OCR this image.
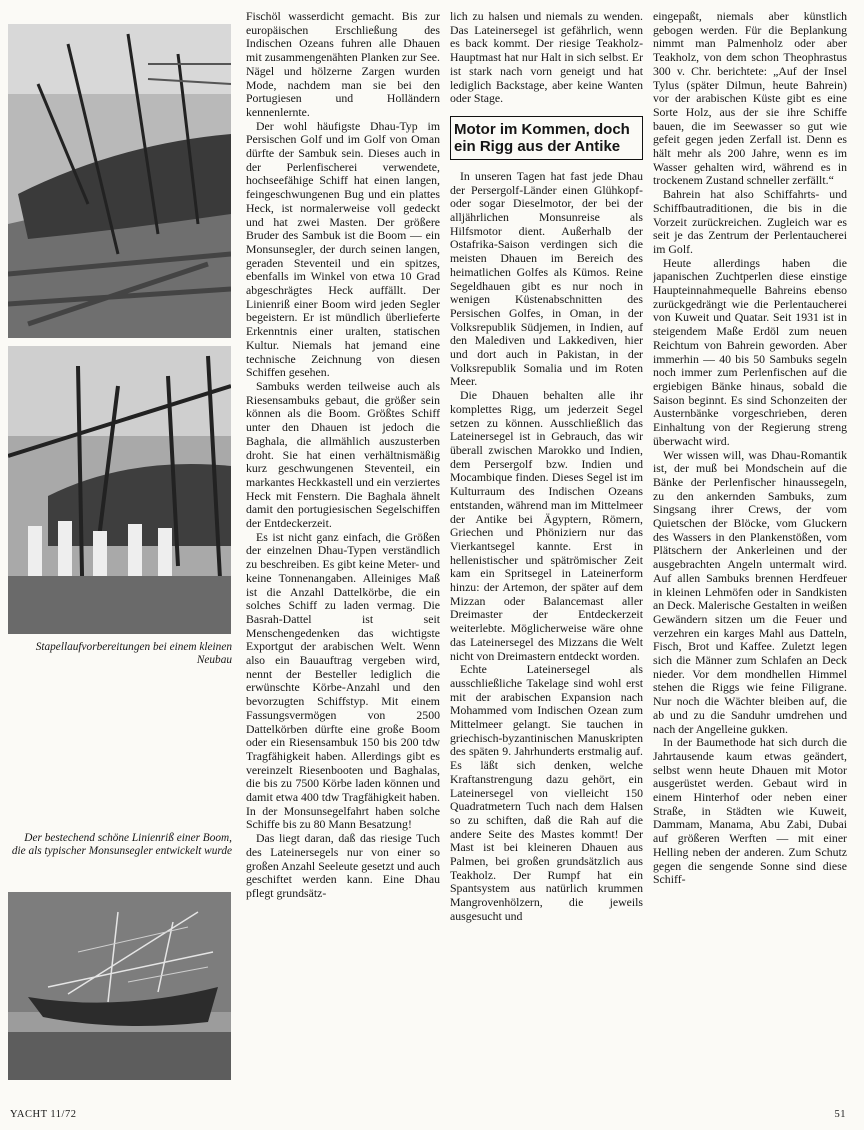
Stapellaufvorbereitungen bei einem kleinen Neubau
Der bestechend schöne Linienriß einer Boom, die als typischer Monsunsegler entwickelt wurde

Fischöl wasserdicht gemacht. Bis zur europäischen Erschließung des Indischen Ozeans fuhren alle Dhauen mit zusammengenähten Planken zur See. Nägel und hölzerne Zargen wurden Mode, nachdem man sie bei den Portugiesen und Holländern kennenlernte.

Der wohl häufigste Dhau-Typ im Persischen Golf und im Golf von Oman dürfte der Sambuk sein. Dieses auch in der Perlenfischerei verwendete, hochseefähige Schiff hat einen langen, feingeschwungenen Bug und ein plattes Heck, ist normalerweise voll gedeckt und hat zwei Masten. Der größere Bruder des Sambuk ist die Boom — ein Monsunsegler, der durch seinen langen, geraden Steventeil und ein spitzes, ebenfalls im Winkel von etwa 10 Grad abgeschrägtes Heck auffällt. Der Linienriß einer Boom wird jeden Segler begeistern. Er ist mündlich überlieferte Erkenntnis einer uralten, statischen Kultur. Niemals hat jemand eine technische Zeichnung von diesen Schiffen gesehen.

Sambuks werden teilweise auch als Riesensambuks gebaut, die größer sein können als die Boom. Größtes Schiff unter den Dhauen ist jedoch die Baghala, die allmählich auszusterben droht. Sie hat einen verhältnismäßig kurz geschwungenen Steventeil, ein markantes Heckkastell und ein verziertes Heck mit Fenstern. Die Baghala ähnelt damit den portugiesischen Segelschiffen der Entdeckerzeit.

Es ist nicht ganz einfach, die Größen der einzelnen Dhau-Typen verständlich zu beschreiben. Es gibt keine Meter- und keine Tonnenangaben. Alleiniges Maß ist die Anzahl Dattelkörbe, die ein solches Schiff zu laden vermag. Die Basrah-Dattel ist seit Menschengedenken das wichtigste Exportgut der arabischen Welt. Wenn also ein Bauauftrag vergeben wird, nennt der Besteller lediglich die erwünschte Körbe-Anzahl und den bevorzugten Schiffstyp. Mit einem Fassungsvermögen von 2500 Dattelkörben dürfte eine große Boom oder ein Riesensambuk 150 bis 200 tdw Tragfähigkeit haben. Allerdings gibt es vereinzelt Riesenbooten und Baghalas, die bis zu 7500 Körbe laden können und damit etwa 400 tdw Tragfähigkeit haben. In der Monsunsegelfahrt haben solche Schiffe bis zu 80 Mann Besatzung!

Das liegt daran, daß das riesige Tuch des Lateinersegels nur von einer so großen Anzahl Seeleute gesetzt und auch geschiftet werden kann. Eine Dhau pflegt grundsätz-

lich zu halsen und niemals zu wenden. Das Lateinersegel ist gefährlich, wenn es back kommt. Der riesige Teakholz-Hauptmast hat nur Halt in sich selbst. Er ist stark nach vorn geneigt und hat lediglich Backstage, aber keine Wanten oder Stage.

Motor im Kommen, doch ein Rigg aus der Antike

In unseren Tagen hat fast jede Dhau der Persergolf-Länder einen Glühkopf- oder sogar Dieselmotor, der bei der alljährlichen Monsunreise als Hilfsmotor dient. Außerhalb der Ostafrika-Saison verdingen sich die meisten Dhauen im Bereich des heimatlichen Golfes als Kümos. Reine Segeldhauen gibt es nur noch in wenigen Küstenabschnitten des Persischen Golfes, in Oman, in der Volksrepublik Südjemen, in Indien, auf den Malediven und Lakkediven, hier und dort auch in Pakistan, in der Volksrepublik Somalia und im Roten Meer.

Die Dhauen behalten alle ihr komplettes Rigg, um jederzeit Segel setzen zu können. Ausschließlich das Lateinersegel ist in Gebrauch, das wir überall zwischen Marokko und Indien, dem Persergolf bzw. Indien und Mocambique finden. Dieses Segel ist im Kulturraum des Indischen Ozeans entstanden, während man im Mittelmeer der Antike bei Ägyptern, Römern, Griechen und Phöniziern nur das Vierkantsegel kannte. Erst in hellenistischer und spätrömischer Zeit kam ein Spritsegel in Lateinerform hinzu: der Artemon, der später auf dem Mizzan oder Balancemast aller Dreimaster der Entdeckerzeit weiterlebte. Möglicherweise wäre ohne das Lateinersegel des Mizzans die Welt nicht von Dreimastern entdeckt worden.

Echte Lateinersegel als ausschließliche Takelage sind wohl erst mit der arabischen Expansion nach Mohammed vom Indischen Ozean zum Mittelmeer gelangt. Sie tauchen in griechisch-byzantinischen Manuskripten des späten 9. Jahrhunderts erstmalig auf. Es läßt sich denken, welche Kraftanstrengung dazu gehört, ein Lateinersegel von vielleicht 150 Quadratmetern Tuch nach dem Halsen so zu schiften, daß die Rah auf die andere Seite des Mastes kommt! Der Mast ist bei kleineren Dhauen aus Palmen, bei großen grundsätzlich aus Teakholz. Der Rumpf hat ein Spantsystem aus natürlich krummen Mangrovenhölzern, die jeweils ausgesucht und

eingepaßt, niemals aber künstlich gebogen werden. Für die Beplankung nimmt man Palmenholz oder aber Teakholz, von dem schon Theophrastus 300 v. Chr. berichtete: „Auf der Insel Tylus (später Dilmun, heute Bahrein) vor der arabischen Küste gibt es eine Sorte Holz, aus der sie ihre Schiffe bauen, die im Seewasser so gut wie gefeit gegen jeden Zerfall ist. Denn es hält mehr als 200 Jahre, wenn es im Wasser gehalten wird, während es in trockenem Zustand schneller zerfällt.“

Bahrein hat also Schiffahrts- und Schiffbautraditionen, die bis in die Vorzeit zurückreichen. Zugleich war es seit je das Zentrum der Perlentaucherei im Golf.

Heute allerdings haben die japanischen Zuchtperlen diese einstige Haupteinnahmequelle Bahreins ebenso zurückgedrängt wie die Perlentaucherei von Kuweit und Quatar. Seit 1931 ist in steigendem Maße Erdöl zum neuen Reichtum von Bahrein geworden. Aber immerhin — 40 bis 50 Sambuks segeln noch immer zum Perlenfischen auf die ergiebigen Bänke hinaus, sobald die Saison beginnt. Es sind Schonzeiten der Austernbänke vorgeschrieben, deren Einhaltung von der Regierung streng überwacht wird.

Wer wissen will, was Dhau-Romantik ist, der muß bei Mondschein auf die Bänke der Perlenfischer hinaussegeln, zu den ankernden Sambuks, zum Singsang ihrer Crews, der vom Quietschen der Blöcke, vom Gluckern des Wassers in den Plankenstößen, vom Plätschern der Ankerleinen und der ausgebrachten Angeln untermalt wird. Auf allen Sambuks brennen Herdfeuer in kleinen Lehmöfen oder in Sandkisten an Deck. Malerische Gestalten in weißen Gewändern sitzen um die Feuer und verzehren ein karges Mahl aus Datteln, Fisch, Brot und Kaffee. Zuletzt legen sich die Männer zum Schlafen an Deck nieder. Vor dem mondhellen Himmel stehen die Riggs wie feine Filigrane. Nur noch die Wächter bleiben auf, die ab und zu die Sanduhr umdrehen und nach der Angelleine gukken.

In der Baumethode hat sich durch die Jahrtausende kaum etwas geändert, selbst wenn heute Dhauen mit Motor ausgerüstet werden. Gebaut wird in einem Hinterhof oder neben einer Straße, in Städten wie Kuweit, Dammam, Manama, Abu Zabi, Dubai auf größeren Werften — mit einer Helling neben der anderen. Zum Schutz gegen die sengende Sonne sind diese Schiff-

YACHT 11/72	51
